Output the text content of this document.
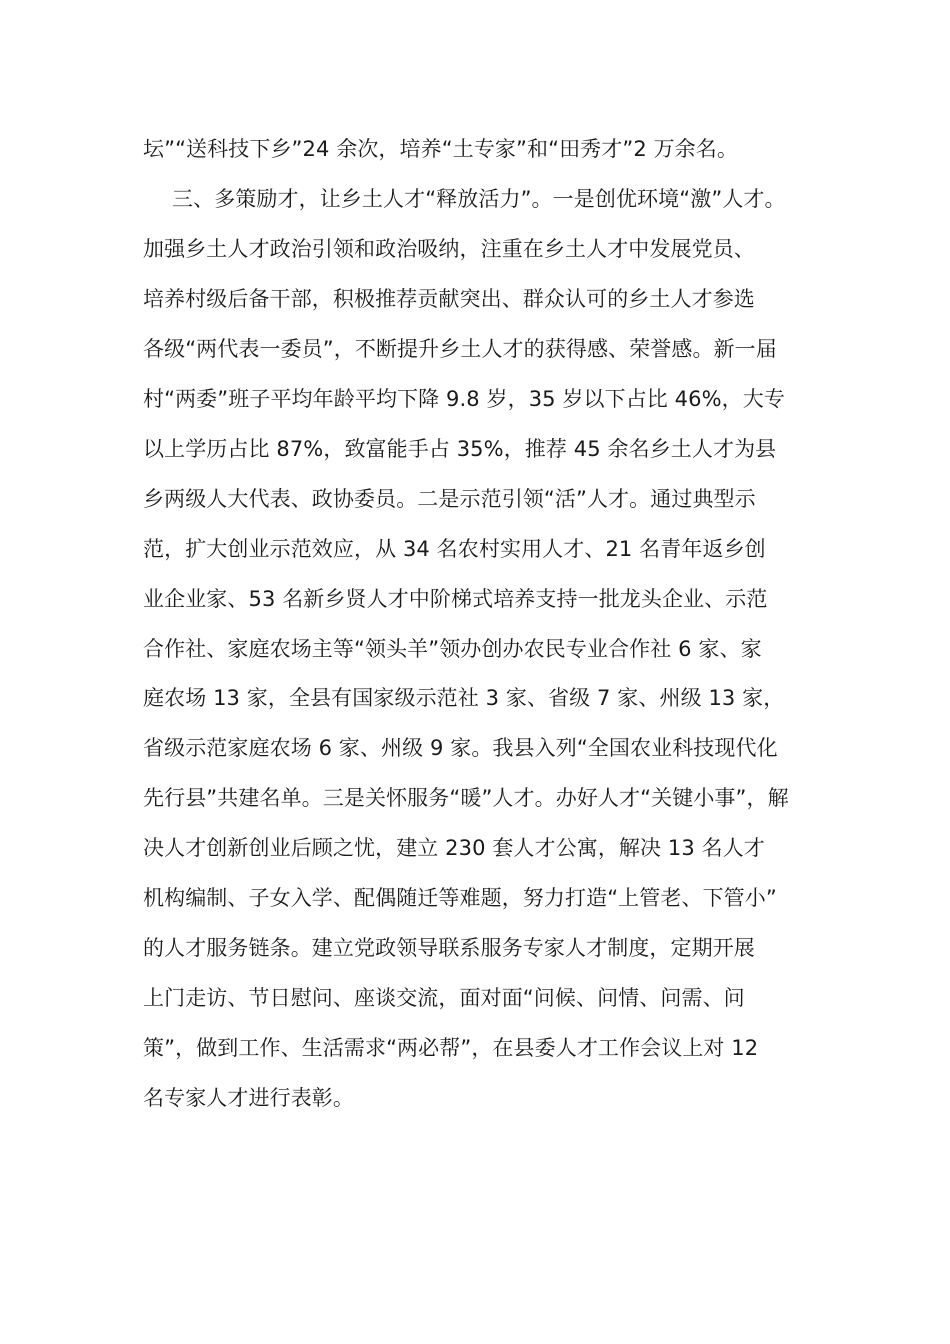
坛”“送科技下乡”24 余次，培养“土专家”和“田秀才”2 万余名。
三、多策励才，让乡土人才“释放活力”。一是创优环境“激”人才。
加强乡土人才政治引领和政治吸纳，注重在乡土人才中发展党员、
培养村级后备干部，积极推荐贡献突出、群众认可的乡土人才参选
各级“两代表一委员”，不断提升乡土人才的获得感、荣誉感。新一届
村“两委”班子平均年龄平均下降 9.8 岁，35 岁以下占比 46%，大专
以上学历占比 87%，致富能手占 35%，推荐 45 余名乡土人才为县
乡两级人大代表、政协委员。二是示范引领“活”人才。通过典型示
范，扩大创业示范效应，从 34 名农村实用人才、21 名青年返乡创
业企业家、53 名新乡贤人才中阶梯式培养支持一批龙头企业、示范
合作社、家庭农场主等“领头羊”领办创办农民专业合作社 6 家、家
庭农场 13 家，全县有国家级示范社 3 家、省级 7 家、州级 13 家，
省级示范家庭农场 6 家、州级 9 家。我县入列“全国农业科技现代化
先行县”共建名单。三是关怀服务“暖”人才。办好人才“关键小事”，解
决人才创新创业后顾之忧，建立 230 套人才公寓，解决 13 名人才
机构编制、子女入学、配偶随迁等难题，努力打造“上管老、下管小”
的人才服务链条。建立党政领导联系服务专家人才制度，定期开展
上门走访、节日慰问、座谈交流，面对面“问候、问情、问需、问
策”，做到工作、生活需求“两必帮”，在县委人才工作会议上对 12
名专家人才进行表彰。
